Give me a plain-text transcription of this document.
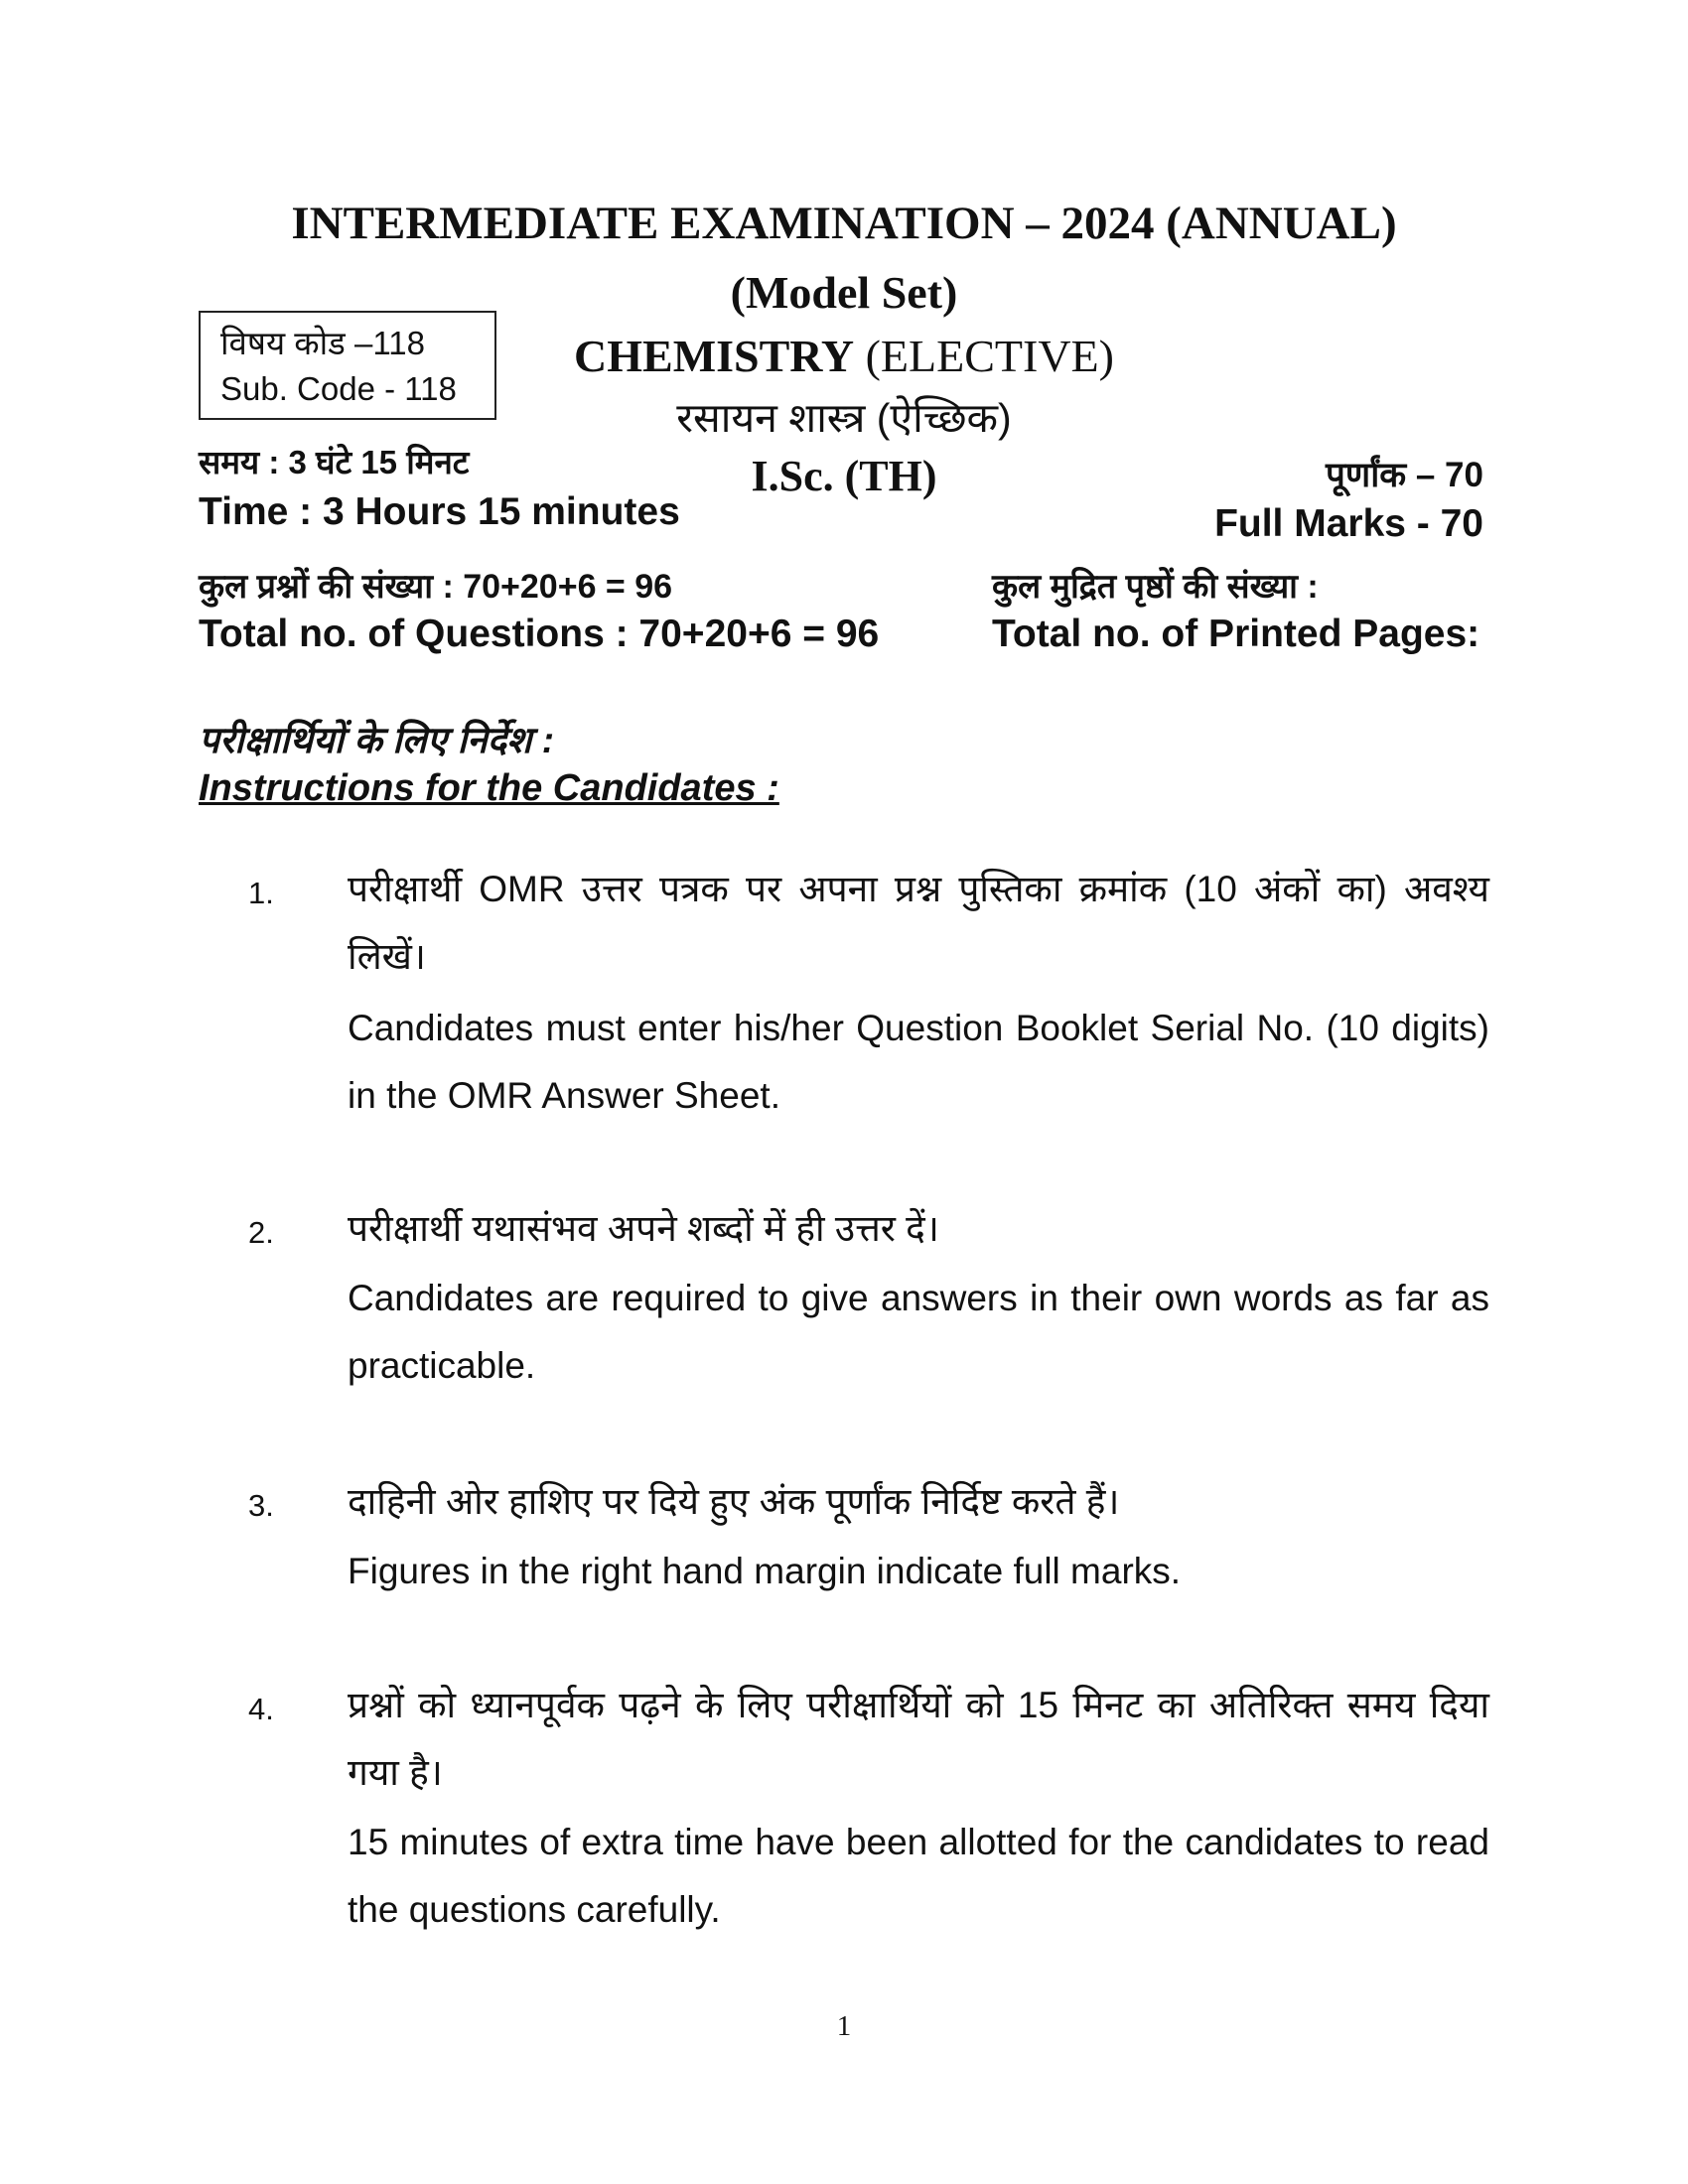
INTERMEDIATE EXAMINATION – 2024 (ANNUAL)
(Model Set)
विषय कोड –118
Sub. Code - 118
CHEMISTRY (ELECTIVE)
रसायन शास्त्र (ऐच्छिक)
समय : 3 घंटे 15 मिनट
Time : 3 Hours 15 minutes
I.Sc. (TH)	पूर्णांक – 70
Full Marks - 70
कुल प्रश्नों की संख्या : 70+20+6 = 96
Total no. of Questions : 70+20+6 = 96
कुल मुद्रित पृष्ठों की संख्या :
Total no. of Printed Pages:
परीक्षार्थियों के लिए निर्देश :
Instructions for the Candidates :
1. परीक्षार्थी OMR उत्तर पत्रक पर अपना प्रश्न पुस्तिका क्रमांक (10 अंकों का) अवश्य लिखें।
Candidates must enter his/her Question Booklet Serial No. (10 digits) in the OMR Answer Sheet.
2. परीक्षार्थी यथासंभव अपने शब्दों में ही उत्तर दें।
Candidates are required to give answers in their own words as far as practicable.
3. दाहिनी ओर हाशिए पर दिये हुए अंक पूर्णांक निर्दिष्ट करते हैं।
Figures in the right hand margin indicate full marks.
4. प्रश्नों को ध्यानपूर्वक पढ़ने के लिए परीक्षार्थियों को 15 मिनट का अतिरिक्त समय दिया गया है।
15 minutes of extra time have been allotted for the candidates to read the questions carefully.
1
